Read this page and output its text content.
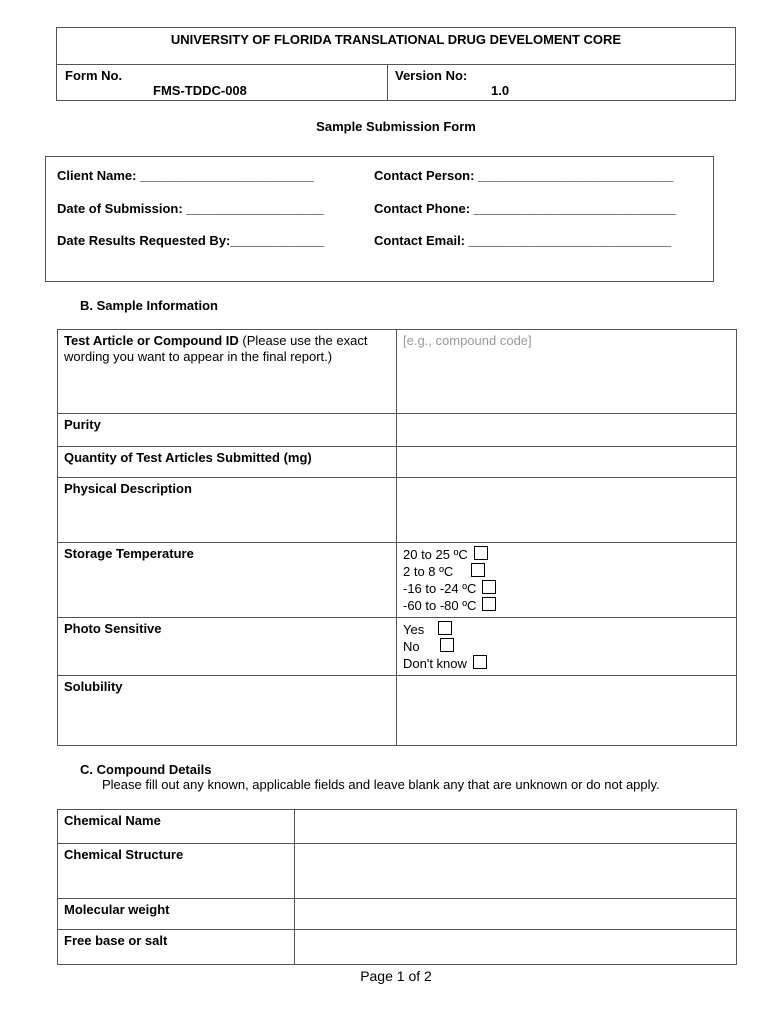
UNIVERSITY OF FLORIDA TRANSLATIONAL DRUG DEVELOMENT CORE
Form No.
FMS-TDDC-008
Version No:
1.0
Sample Submission Form
Client Name: ________________________	Contact Person: ___________________________
Date of Submission: ___________________	Contact Phone: ____________________________
Date Results Requested By:_____________	Contact Email: ____________________________
B. Sample Information
Test Article or Compound ID (Please use the exact wording you want to appear in the final report.)	[e.g., compound code]
Purity	
Quantity of Test Articles Submitted (mg)	
Physical Description	
Storage Temperature	20 to 25 ºC
2 to 8 ºC
-16 to -24 ºC
-60 to -80 ºC

Photo Sensitive	Yes
No
Don't know

Solubility	
C. Compound Details
Please fill out any known, applicable fields and leave blank any that are unknown or do not apply.
Chemical Name	
Chemical Structure	
Molecular weight	
Free base or salt	
Page 1 of 2
